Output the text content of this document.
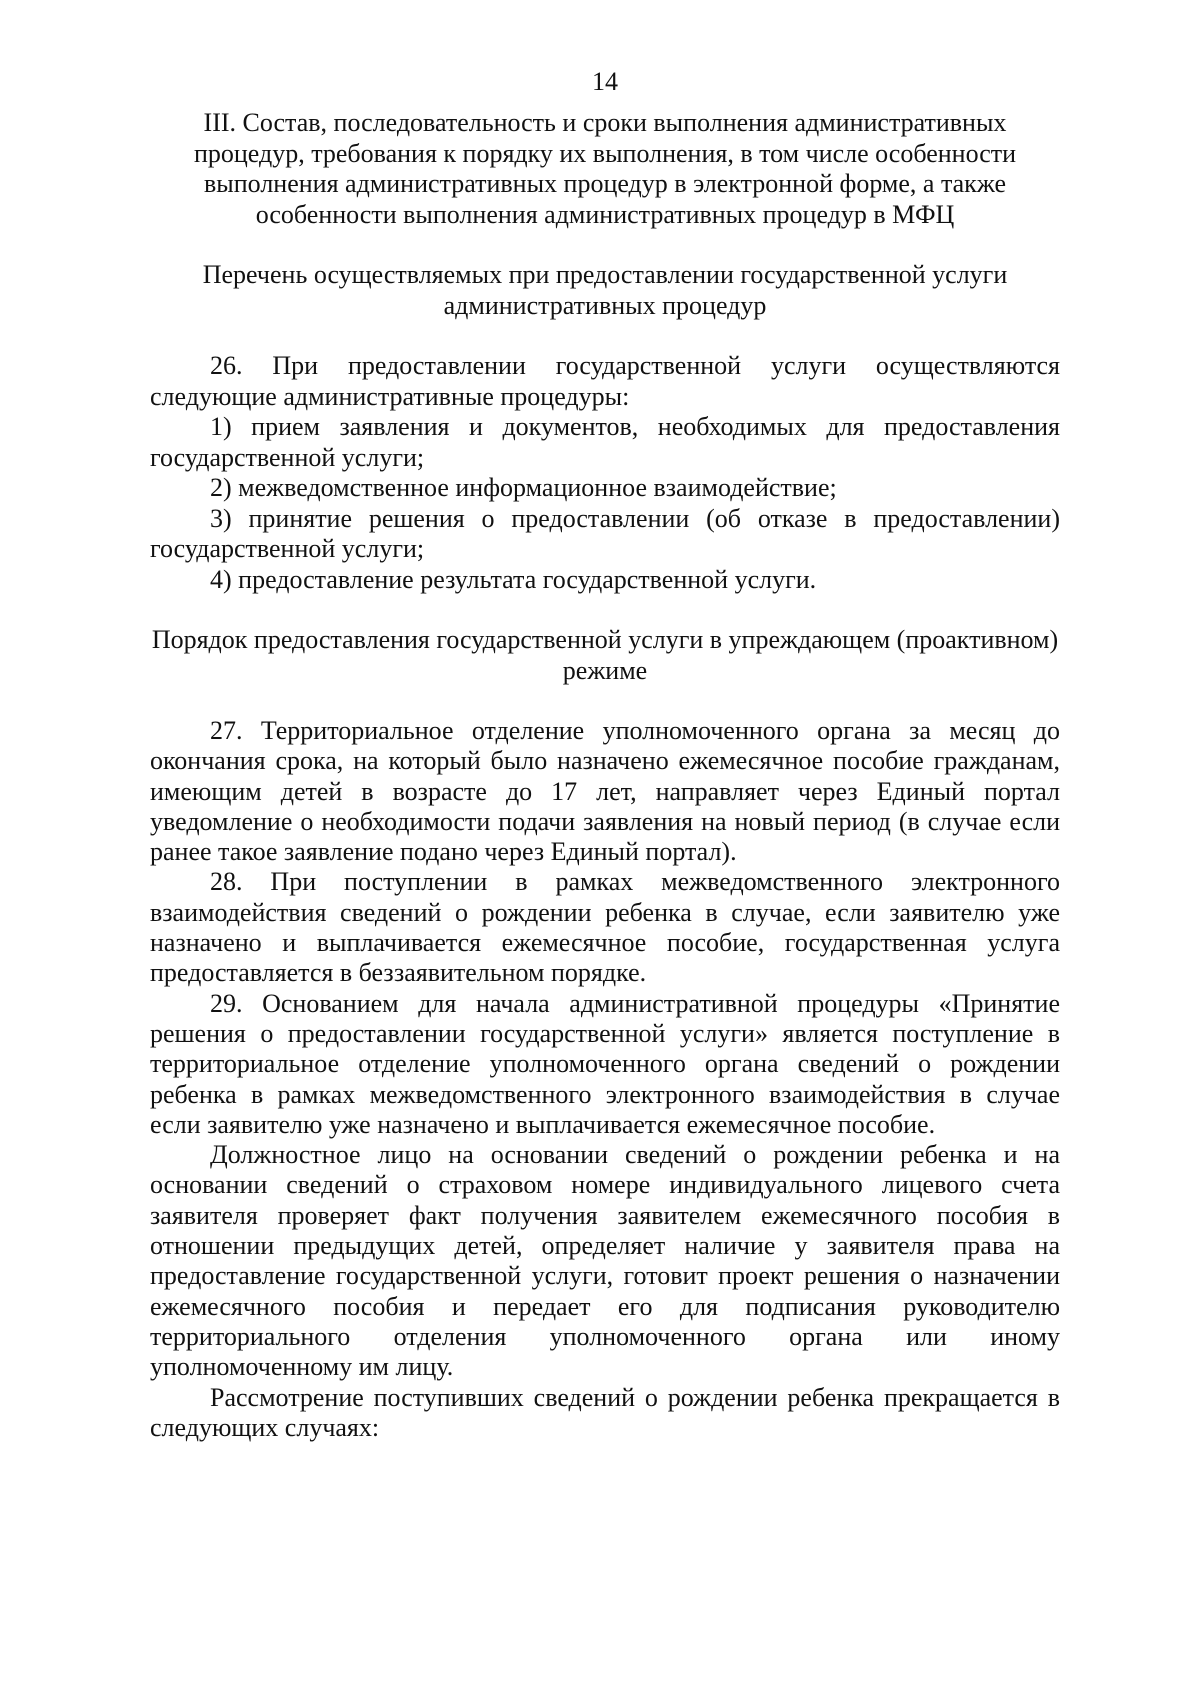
14

III. Состав, последовательность и сроки выполнения административных процедур, требования к порядку их выполнения, в том числе особенности выполнения административных процедур в электронной форме, а также особенности выполнения административных процедур в МФЦ

Перечень осуществляемых при предоставлении государственной услуги административных процедур

26. При предоставлении государственной услуги осуществляются следующие административные процедуры:

1) прием заявления и документов, необходимых для предоставления государственной услуги;

2) межведомственное информационное взаимодействие;

3) принятие решения о предоставлении (об отказе в предоставлении) государственной услуги;

4) предоставление результата государственной услуги.

Порядок предоставления государственной услуги в упреждающем (проактивном) режиме

27. Территориальное отделение уполномоченного органа за месяц до окончания срока, на который было назначено ежемесячное пособие гражданам, имеющим детей в возрасте до 17 лет, направляет через Единый портал уведомление о необходимости подачи заявления на новый период (в случае если ранее такое заявление подано через Единый портал).

28. При поступлении в рамках межведомственного электронного взаимодействия сведений о рождении ребенка в случае, если заявителю уже назначено и выплачивается ежемесячное пособие, государственная услуга предоставляется в беззаявительном порядке.

29. Основанием для начала административной процедуры «Принятие решения о предоставлении государственной услуги» является поступление в территориальное отделение уполномоченного органа сведений о рождении ребенка в рамках межведомственного электронного взаимодействия в случае если заявителю уже назначено и выплачивается ежемесячное пособие.

Должностное лицо на основании сведений о рождении ребенка и на основании сведений о страховом номере индивидуального лицевого счета заявителя проверяет факт получения заявителем ежемесячного пособия в отношении предыдущих детей, определяет наличие у заявителя права на предоставление государственной услуги, готовит проект решения о назначении ежемесячного пособия и передает его для подписания руководителю территориального отделения уполномоченного органа или иному уполномоченному им лицу.

Рассмотрение поступивших сведений о рождении ребенка прекращается в следующих случаях:
